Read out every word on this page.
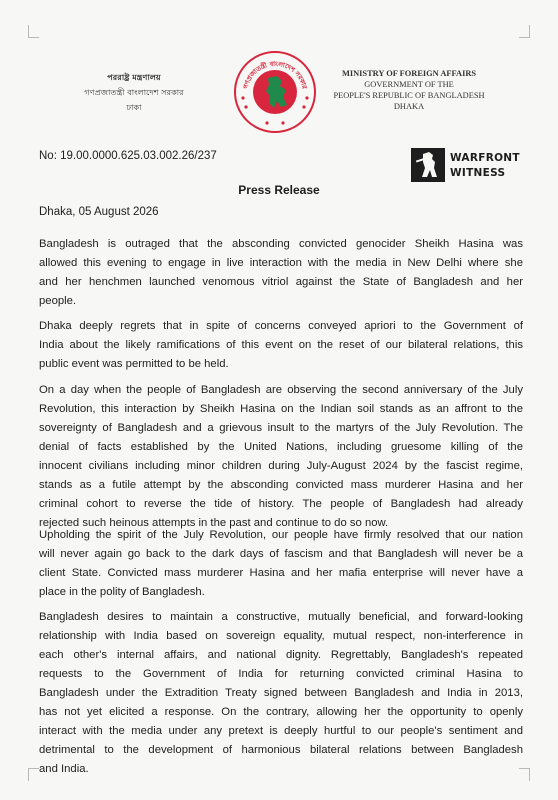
পররাষ্ট্র মন্ত্রণালয়
গণপ্রজাতন্ত্রী বাংলাদেশ সরকার
ঢাকা
গণপ্রজাতন্ত্রী বাংলাদেশ সরকার
MINISTRY OF FOREIGN AFFAIRS
GOVERNMENT OF THE
PEOPLE'S REPUBLIC OF BANGLADESH
DHAKA
No: 19.00.0000.625.03.002.26/237	WARFRONT
WITNESS
Press Release
Dhaka, 05 August 2026
Bangladesh is outraged that the absconding convicted genocider Sheikh Hasina was
allowed this evening to engage in live interaction with the media in New Delhi where she
and her henchmen launched venomous vitriol against the State of Bangladesh and her
people.
Dhaka deeply regrets that in spite of concerns conveyed apriori to the Government of
India about the likely ramifications of this event on the reset of our bilateral relations, this
public event was permitted to be held.
On a day when the people of Bangladesh are observing the second anniversary of the July
Revolution, this interaction by Sheikh Hasina on the Indian soil stands as an affront to the
sovereignty of Bangladesh and a grievous insult to the martyrs of the July Revolution. The
denial of facts established by the United Nations, including gruesome killing of the
innocent civilians including minor children during July-August 2024 by the fascist regime,
stands as a futile attempt by the absconding convicted mass murderer Hasina and her
criminal cohort to reverse the tide of history. The people of Bangladesh had already
rejected such heinous attempts in the past and continue to do so now.
Upholding the spirit of the July Revolution, our people have firmly resolved that our nation
will never again go back to the dark days of fascism and that Bangladesh will never be a
client State. Convicted mass murderer Hasina and her mafia enterprise will never have a
place in the polity of Bangladesh.
Bangladesh desires to maintain a constructive, mutually beneficial, and forward-looking
relationship with India based on sovereign equality, mutual respect, non-interference in
each other's internal affairs, and national dignity. Regrettably, Bangladesh's repeated
requests to the Government of India for returning convicted criminal Hasina to
Bangladesh under the Extradition Treaty signed between Bangladesh and India in 2013,
has not yet elicited a response. On the contrary, allowing her the opportunity to openly
interact with the media under any pretext is deeply hurtful to our people's sentiment and
detrimental to the development of harmonious bilateral relations between Bangladesh
and India.
